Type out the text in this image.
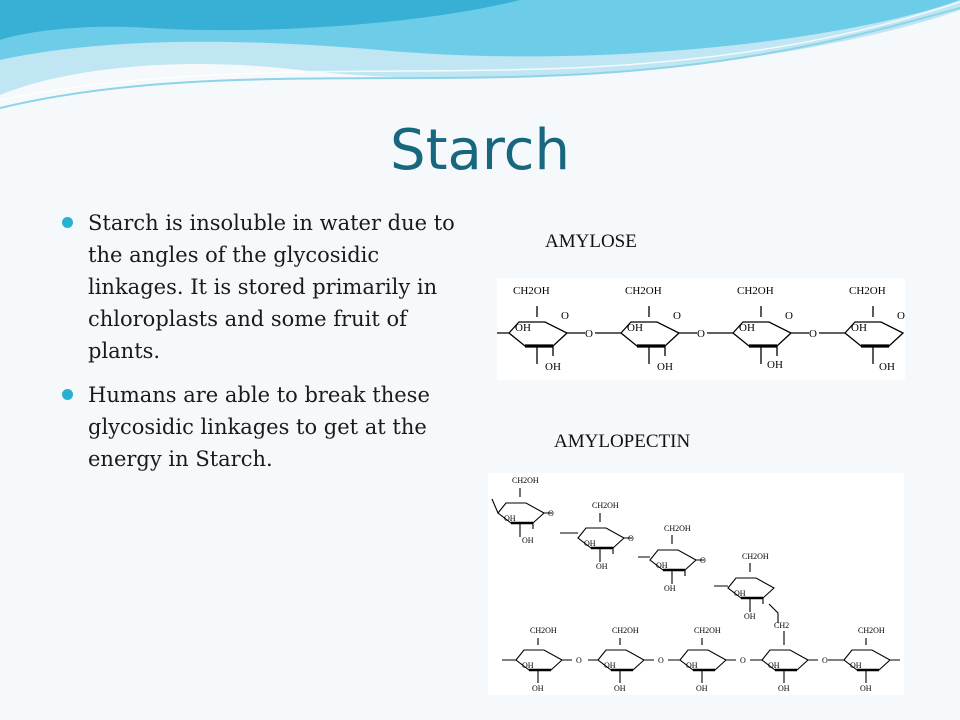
Starch
Starch is insoluble in water due to the angles of the glycosidic linkages. It is stored primarily in chloroplasts and some fruit of plants.
Humans are able to break these glycosidic linkages to get at the energy in Starch.
AMYLOSE
CH2OH	CH2OH	CH2OH	CH2OH
O	O	O	O
O	O	O
OH	OH	OH	OH
OH	OH	OH	OH
AMYLOPECTIN
CH2OH
CH2OH
CH2OH
CH2OH
CH2OH	CH2OH	CH2OH
CH2OH
CH2
OH
OH
OH
OH
OH
OH
OH
OH
OH	OH	OH	OH	OH
OH	OH	OH	OH	OH
O
O
O
O	O	O	O
